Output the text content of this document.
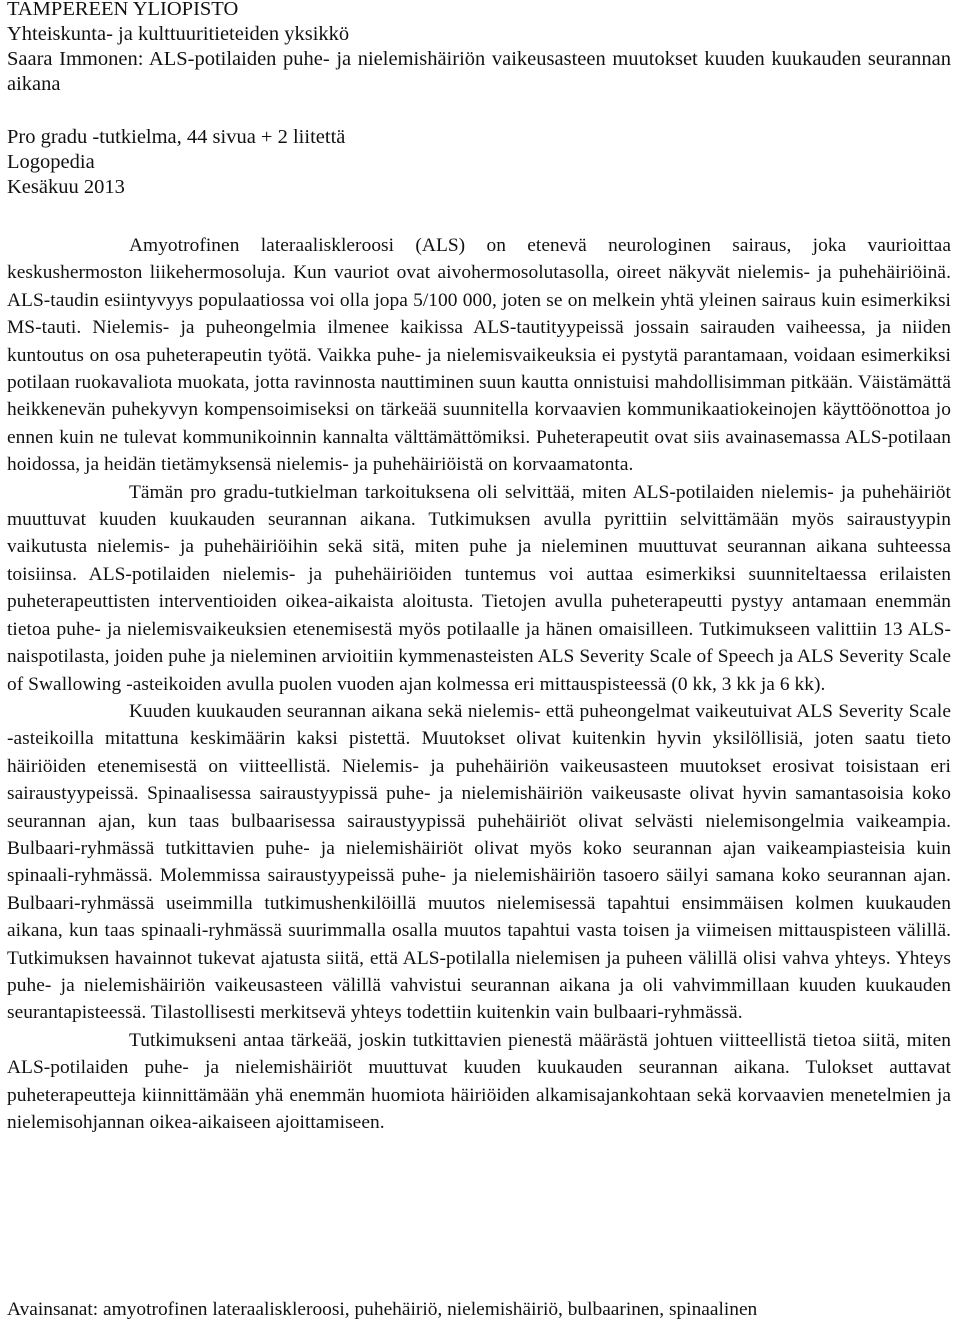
TAMPEREEN YLIOPISTO
Yhteiskunta- ja kulttuuritieteiden yksikkö
Saara Immonen: ALS-potilaiden puhe- ja nielemishäiriön vaikeusasteen muutokset kuuden kuukauden seurannan aikana
Pro gradu -tutkielma, 44 sivua + 2 liitettä
Logopedia
Kesäkuu 2013

Amyotrofinen lateraaliskleroosi (ALS) on etenevä neurologinen sairaus, joka vaurioittaa keskushermoston liikehermosoluja. Kun vauriot ovat aivohermosolutasolla, oireet näkyvät nielemis- ja puhehäiriöinä. ALS-taudin esiintyvyys populaatiossa voi olla jopa 5/100 000, joten se on melkein yhtä yleinen sairaus kuin esimerkiksi MS-tauti. Nielemis- ja puheongelmia ilmenee kaikissa ALS-tautityypeissä jossain sairauden vaiheessa, ja niiden kuntoutus on osa puheterapeutin työtä. Vaikka puhe- ja nielemisvaikeuksia ei pystytä parantamaan, voidaan esimerkiksi potilaan ruokavaliota muokata, jotta ravinnosta nauttiminen suun kautta onnistuisi mahdollisimman pitkään. Väistämättä heikkenevän puhekyvyn kompensoimiseksi on tärkeää suunnitella korvaavien kommunikaatiokeinojen käyttöönottoa jo ennen kuin ne tulevat kommunikoinnin kannalta välttämättömiksi. Puheterapeutit ovat siis avainasemassa ALS-potilaan hoidossa, ja heidän tietämyksensä nielemis- ja puhehäiriöistä on korvaamatonta.

Tämän pro gradu-tutkielman tarkoituksena oli selvittää, miten ALS-potilaiden nielemis- ja puhehäiriöt muuttuvat kuuden kuukauden seurannan aikana. Tutkimuksen avulla pyrittiin selvittämään myös sairaustyypin vaikutusta nielemis- ja puhehäiriöihin sekä sitä, miten puhe ja nieleminen muuttuvat seurannan aikana suhteessa toisiinsa. ALS-potilaiden nielemis- ja puhehäiriöiden tuntemus voi auttaa esimerkiksi suunniteltaessa erilaisten puheterapeuttisten interventioiden oikea-aikaista aloitusta. Tietojen avulla puheterapeutti pystyy antamaan enemmän tietoa puhe- ja nielemisvaikeuksien etenemisestä myös potilaalle ja hänen omaisilleen. Tutkimukseen valittiin 13 ALS-naispotilasta, joiden puhe ja nieleminen arvioitiin kymmenasteisten ALS Severity Scale of Speech ja ALS Severity Scale of Swallowing -asteikoiden avulla puolen vuoden ajan kolmessa eri mittauspisteessä (0 kk, 3 kk ja 6 kk).

Kuuden kuukauden seurannan aikana sekä nielemis- että puheongelmat vaikeutuivat ALS Severity Scale -asteikoilla mitattuna keskimäärin kaksi pistettä. Muutokset olivat kuitenkin hyvin yksilöllisiä, joten saatu tieto häiriöiden etenemisestä on viitteellistä. Nielemis- ja puhehäiriön vaikeusasteen muutokset erosivat toisistaan eri sairaustyypeissä. Spinaalisessa sairaustyypissä puhe- ja nielemishäiriön vaikeusaste olivat hyvin samantasoisia koko seurannan ajan, kun taas bulbaarisessa sairaustyypissä puhehäiriöt olivat selvästi nielemisongelmia vaikeampia. Bulbaari-ryhmässä tutkittavien puhe- ja nielemishäiriöt olivat myös koko seurannan ajan vaikeampiasteisia kuin spinaali-ryhmässä. Molemmissa sairaustyypeissä puhe- ja nielemishäiriön tasoero säilyi samana koko seurannan ajan. Bulbaari-ryhmässä useimmilla tutkimushenkilöillä muutos nielemisessä tapahtui ensimmäisen kolmen kuukauden aikana, kun taas spinaali-ryhmässä suurimmalla osalla muutos tapahtui vasta toisen ja viimeisen mittauspisteen välillä. Tutkimuksen havainnot tukevat ajatusta siitä, että ALS-potilalla nielemisen ja puheen välillä olisi vahva yhteys. Yhteys puhe- ja nielemishäiriön vaikeusasteen välillä vahvistui seurannan aikana ja oli vahvimmillaan kuuden kuukauden seurantapisteessä. Tilastollisesti merkitsevä yhteys todettiin kuitenkin vain bulbaari-ryhmässä.

Tutkimukseni antaa tärkeää, joskin tutkittavien pienestä määrästä johtuen viitteellistä tietoa siitä, miten ALS-potilaiden puhe- ja nielemishäiriöt muuttuvat kuuden kuukauden seurannan aikana. Tulokset auttavat puheterapeutteja kiinnittämään yhä enemmän huomiota häiriöiden alkamisajankohtaan sekä korvaavien menetelmien ja nielemisohjannan oikea-aikaiseen ajoittamiseen.

Avainsanat: amyotrofinen lateraaliskleroosi, puhehäiriö, nielemishäiriö, bulbaarinen, spinaalinen
